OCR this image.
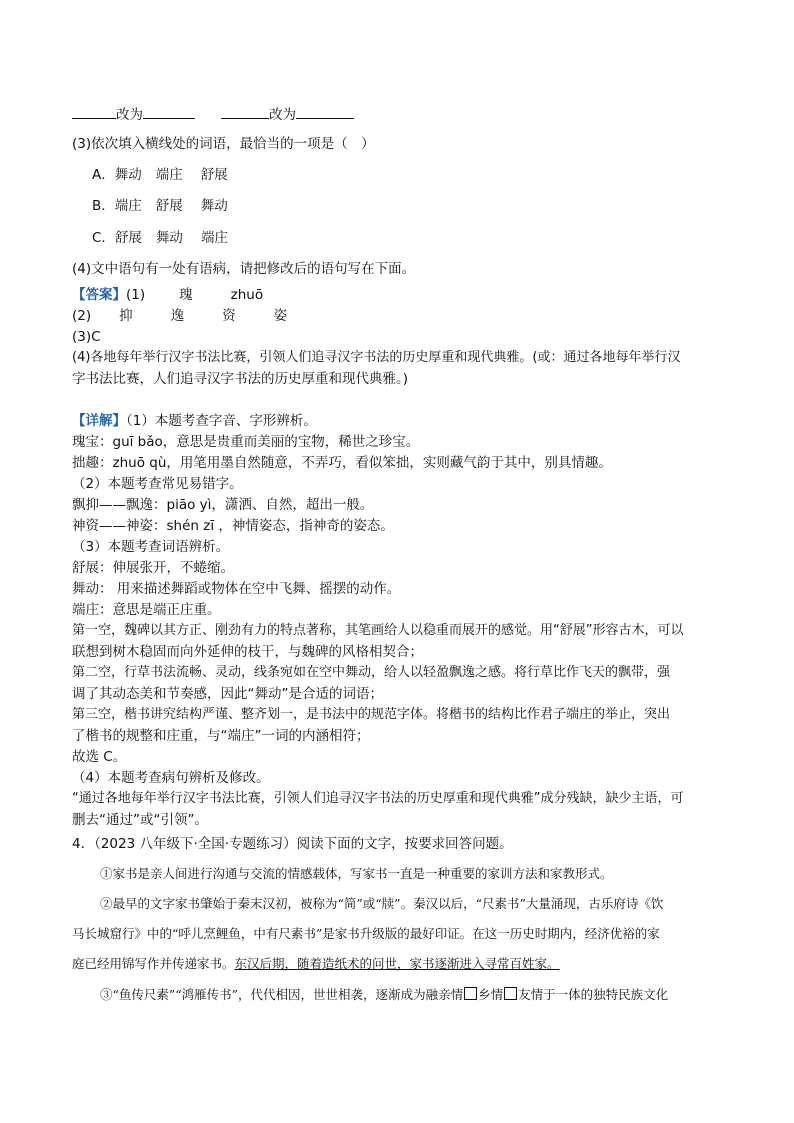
改为	改为
(3)依次填入横线处的词语，最恰当的一项是（　）
A．舞动 端庄 舒展
B．端庄 舒展 舞动
C．舒展 舞动 端庄
(4)文中语句有一处有语病，请把修改后的语句写在下面。
【答案】(1)	瑰	zhuō
(2) 抑	逸	资	姿
(3)C
(4)各地每年举行汉字书法比赛，引领人们追寻汉字书法的历史厚重和现代典雅。(或：通过各地每年举行汉
字书法比赛，人们追寻汉字书法的历史厚重和现代典雅。)
【详解】（1）本题考查字音、字形辨析。
瑰宝：guī bǎo，意思是贵重而美丽的宝物，稀世之珍宝。
拙趣：zhuō qù，用笔用墨自然随意，不弄巧，看似笨拙，实则藏气韵于其中，别具情趣。
（2）本题考查常见易错字。
飘抑——飘逸：piāo yì，潇洒、自然，超出一般。
神资——神姿：shén zī ，神情姿态，指神奇的姿态。
（3）本题考查词语辨析。
舒展：伸展张开，不蜷缩。
舞动： 用来描述舞蹈或物体在空中飞舞、摇摆的动作。
端庄：意思是端正庄重。
第一空，魏碑以其方正、刚劲有力的特点著称，其笔画给人以稳重而展开的感觉。用“舒展”形容古木，可以
联想到树木稳固而向外延伸的枝干，与魏碑的风格相契合；
第二空，行草书法流畅、灵动，线条宛如在空中舞动，给人以轻盈飘逸之感。将行草比作飞天的飘带，强
调了其动态美和节奏感，因此“舞动”是合适的词语；
第三空，楷书讲究结构严谨、整齐划一，是书法中的规范字体。将楷书的结构比作君子端庄的举止，突出
了楷书的规整和庄重，与“端庄”一词的内涵相符；
故选 C。
（4）本题考查病句辨析及修改。
“通过各地每年举行汉字书法比赛，引领人们追寻汉字书法的历史厚重和现代典雅”成分残缺，缺少主语，可
删去“通过”或“引领”。
4．（2023 八年级下·全国·专题练习）阅读下面的文字，按要求回答问题。
①家书是亲人间进行沟通与交流的情感载体，写家书一直是一种重要的家训方法和家教形式。
②最早的文字家书肇始于秦末汉初，被称为“简”或“牍”。秦汉以后，“尺素书”大量涌现，古乐府诗《饮
马长城窟行》中的“呼儿烹鲤鱼，中有尺素书”是家书升级版的最好印证。在这一历史时期内，经济优裕的家
庭已经用锦写作并传递家书。东汉后期，随着造纸术的问世，家书逐渐进入寻常百姓家。
③“鱼传尺素”“鸿雁传书”，代代相因，世世相袭，逐渐成为融亲情 乡情 友情于一体的独特民族文化
